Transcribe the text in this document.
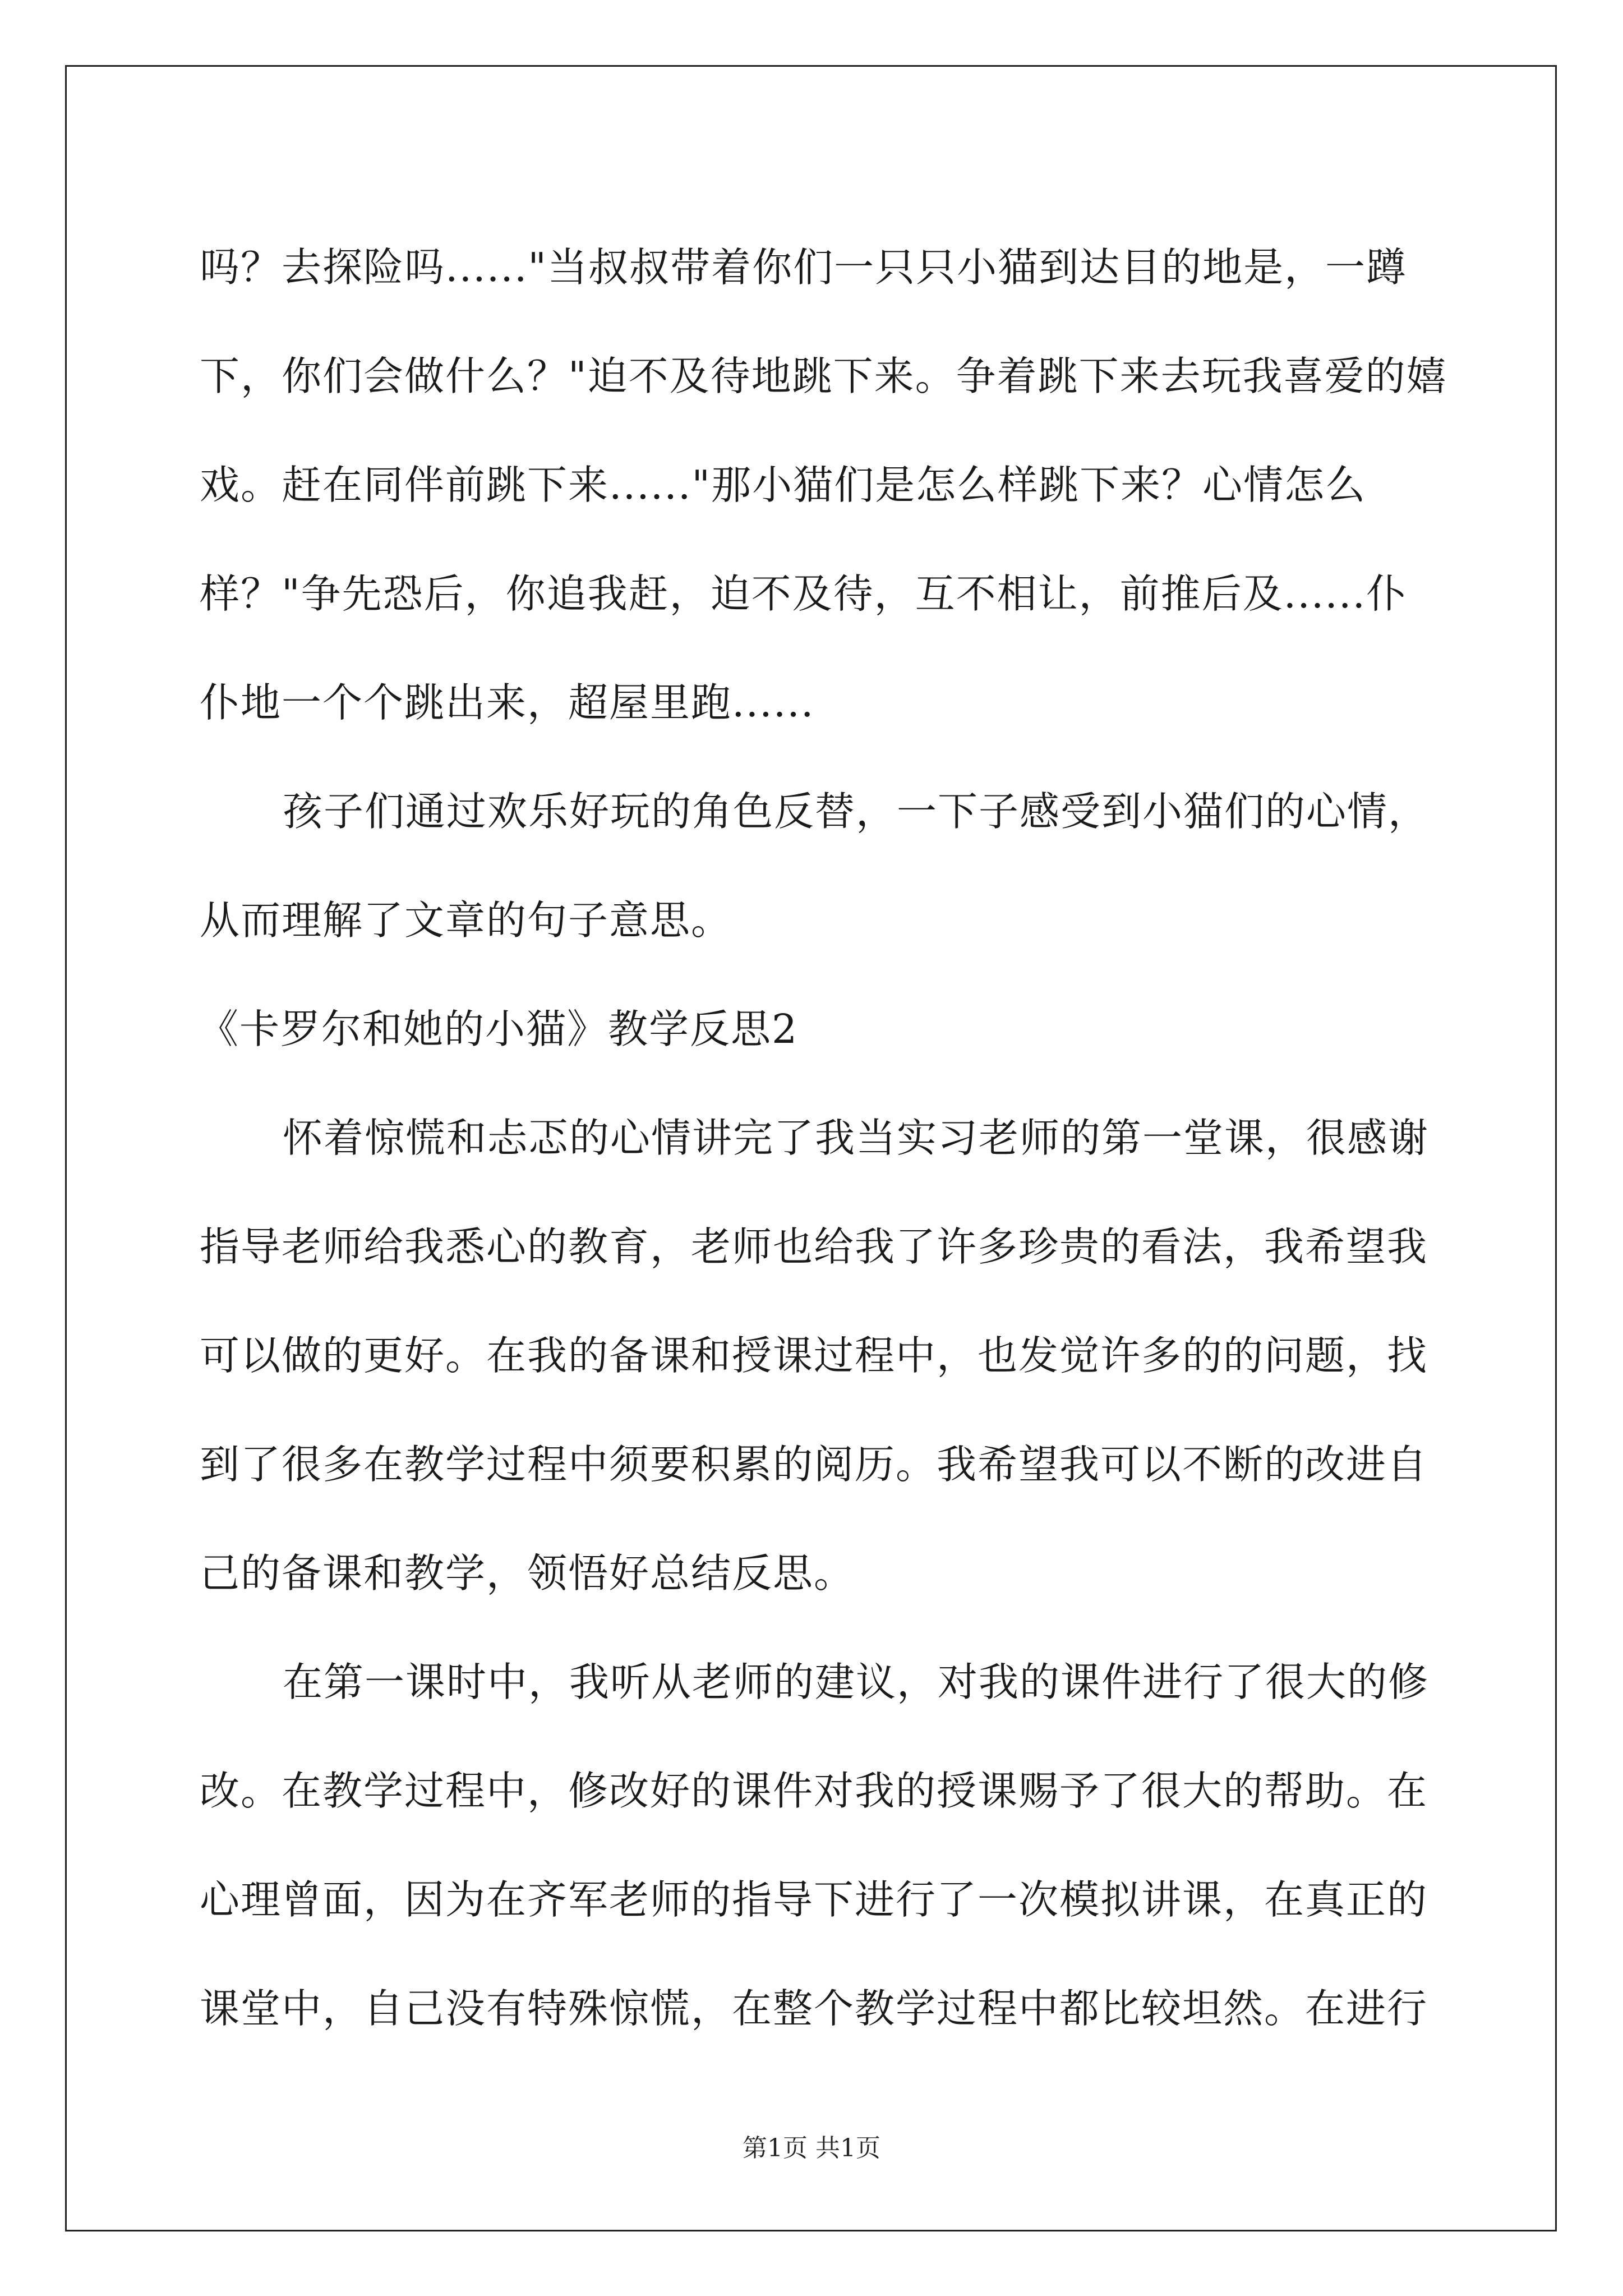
吗？去探险吗......"当叔叔带着你们一只只小猫到达目的地是，一蹲
下，你们会做什么？"迫不及待地跳下来。争着跳下来去玩我喜爱的嬉
戏。赶在同伴前跳下来......"那小猫们是怎么样跳下来？心情怎么
样？"争先恐后，你追我赶，迫不及待，互不相让，前推后及......仆
仆地一个个跳出来，超屋里跑......
孩子们通过欢乐好玩的角色反替，一下子感受到小猫们的心情，
从而理解了文章的句子意思。
《卡罗尔和她的小猫》教学反思2
怀着惊慌和忐忑的心情讲完了我当实习老师的第一堂课，很感谢
指导老师给我悉心的教育，老师也给我了许多珍贵的看法，我希望我
可以做的更好。在我的备课和授课过程中，也发觉许多的的问题，找
到了很多在教学过程中须要积累的阅历。我希望我可以不断的改进自
己的备课和教学，领悟好总结反思。
在第一课时中，我听从老师的建议，对我的课件进行了很大的修
改。在教学过程中，修改好的课件对我的授课赐予了很大的帮助。在
心理曾面，因为在齐军老师的指导下进行了一次模拟讲课，在真正的
课堂中，自己没有特殊惊慌，在整个教学过程中都比较坦然。在进行
第1页 共1页
